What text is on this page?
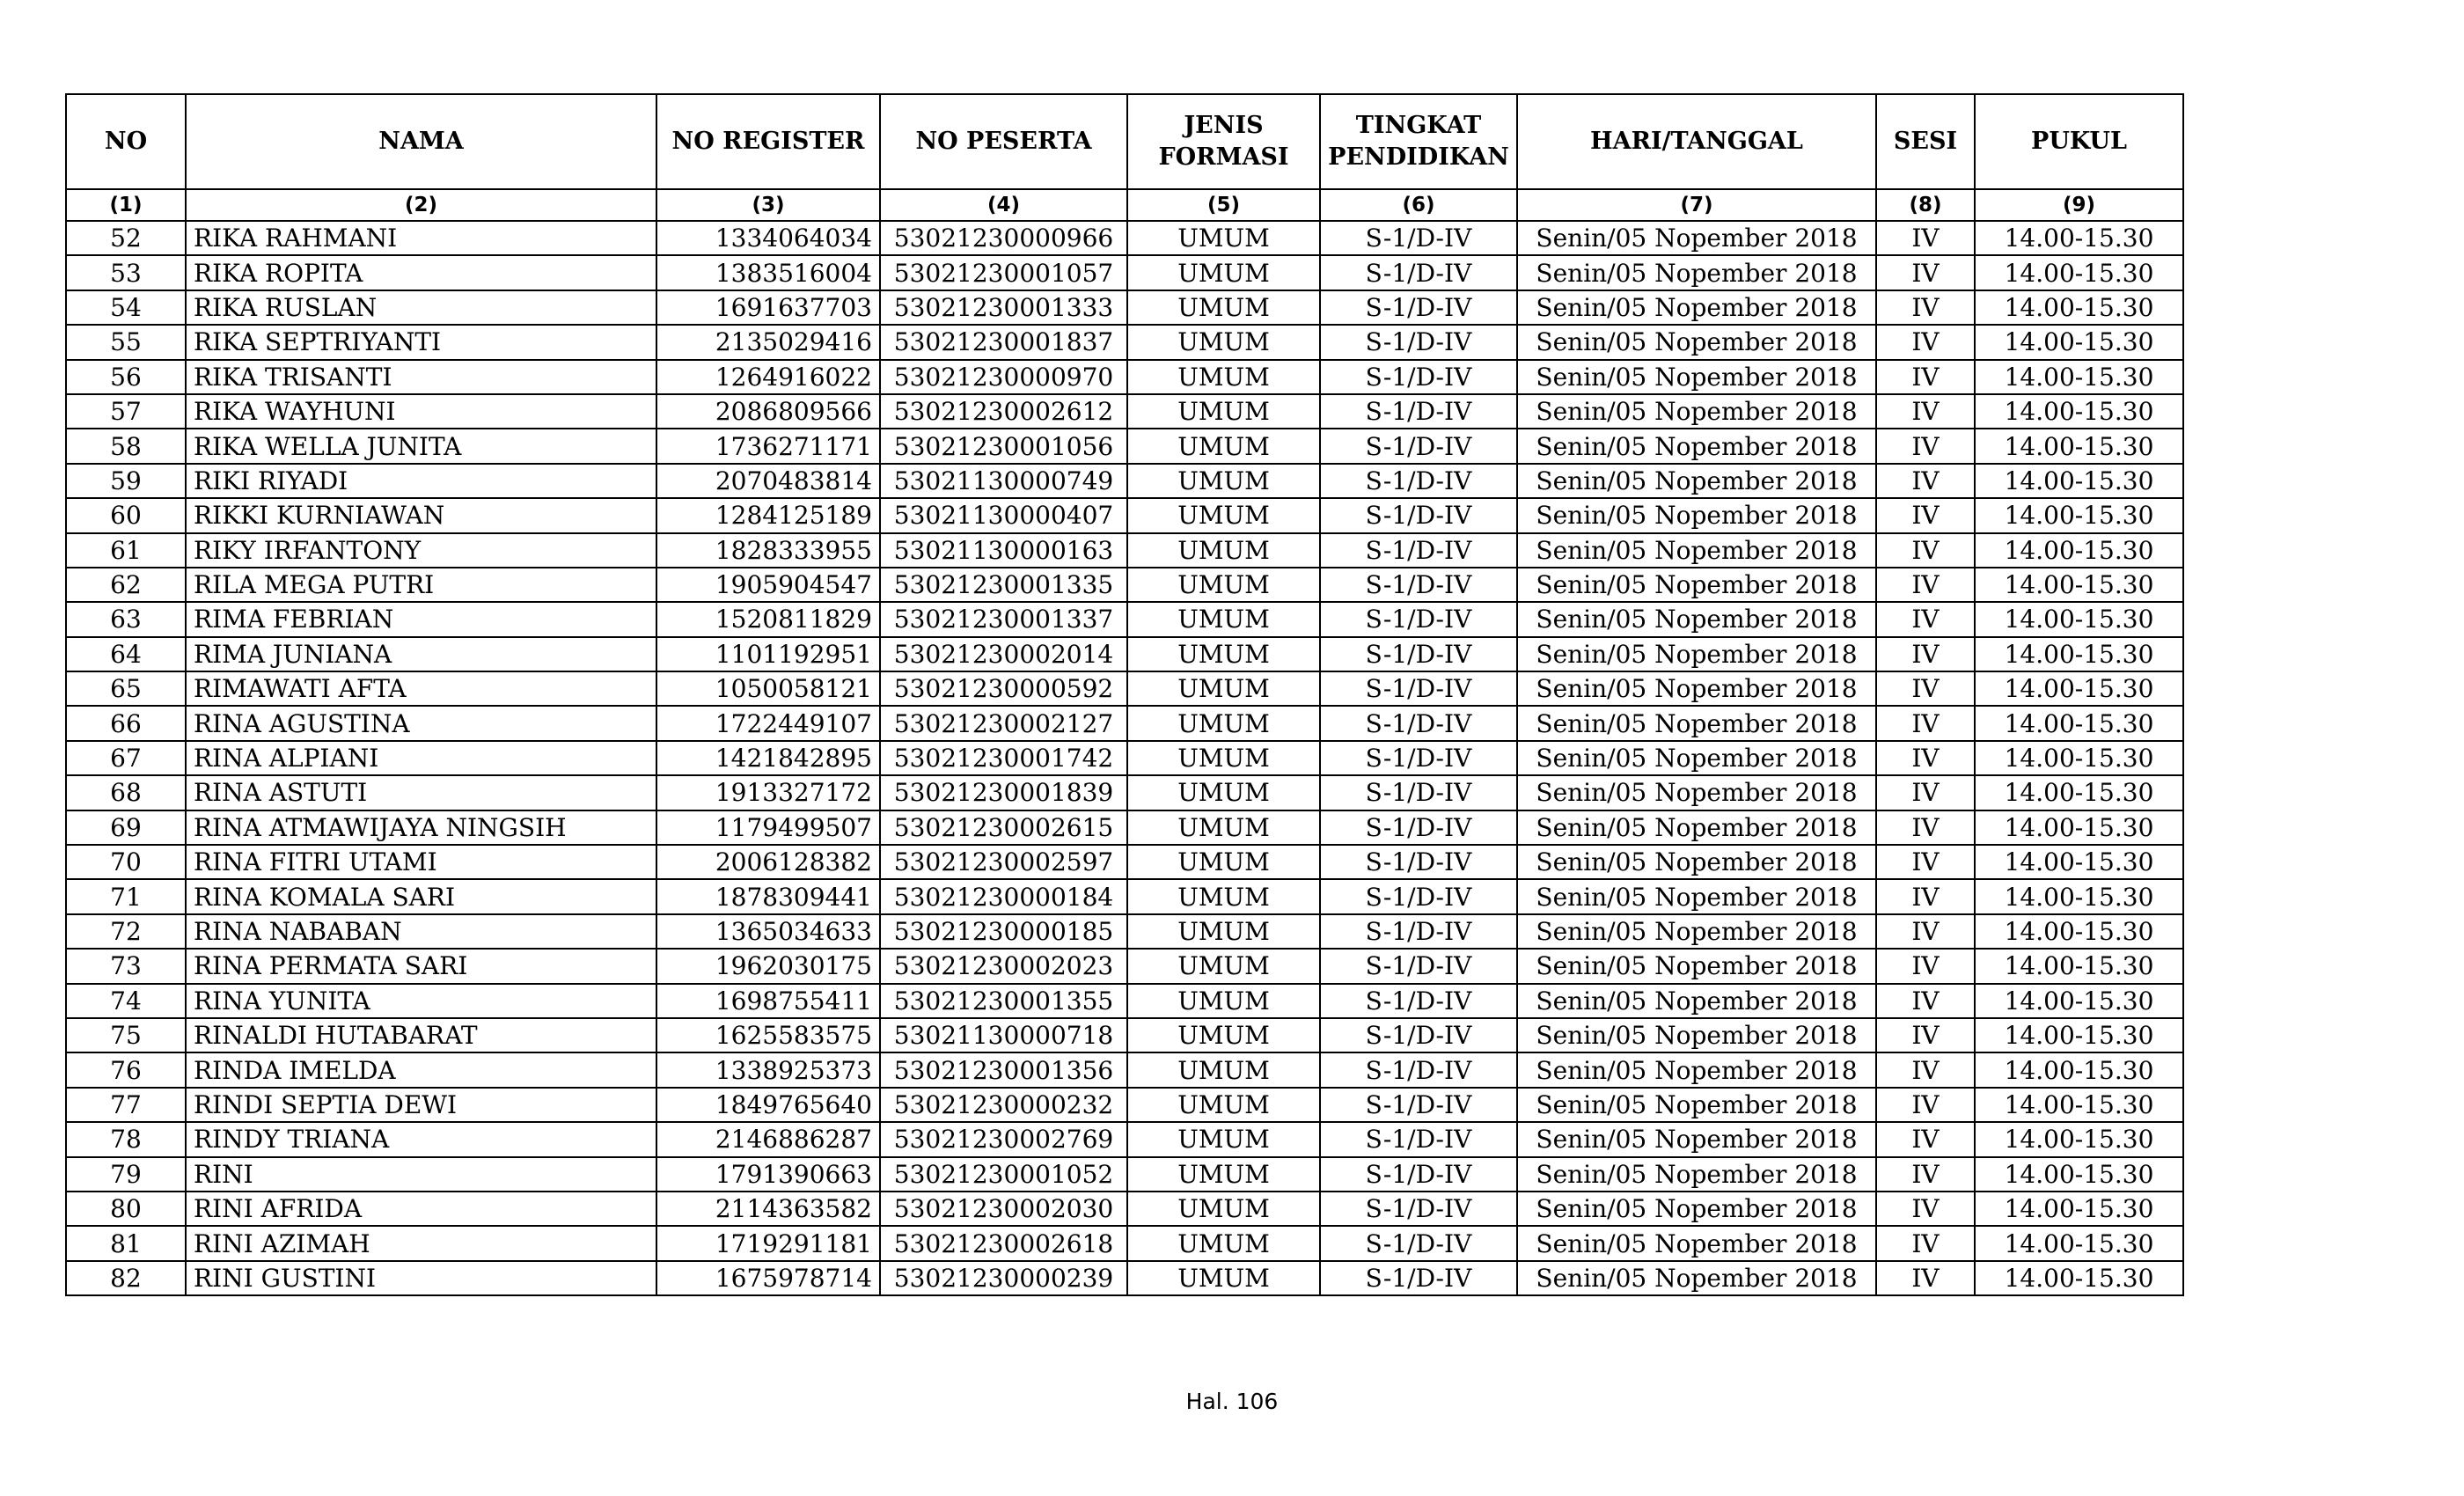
NO	NAMA	NO REGISTER	NO PESERTA	JENIS FORMASI	TINGKAT PENDIDIKAN	HARI/TANGGAL	SESI	PUKUL
(1)	(2)	(3)	(4)	(5)	(6)	(7)	(8)	(9)
52	RIKA RAHMANI	1334064034	53021230000966	UMUM	S-1/D-IV	Senin/05 Nopember 2018	IV	14.00-15.30
53	RIKA ROPITA	1383516004	53021230001057	UMUM	S-1/D-IV	Senin/05 Nopember 2018	IV	14.00-15.30
54	RIKA RUSLAN	1691637703	53021230001333	UMUM	S-1/D-IV	Senin/05 Nopember 2018	IV	14.00-15.30
55	RIKA SEPTRIYANTI	2135029416	53021230001837	UMUM	S-1/D-IV	Senin/05 Nopember 2018	IV	14.00-15.30
56	RIKA TRISANTI	1264916022	53021230000970	UMUM	S-1/D-IV	Senin/05 Nopember 2018	IV	14.00-15.30
57	RIKA WAYHUNI	2086809566	53021230002612	UMUM	S-1/D-IV	Senin/05 Nopember 2018	IV	14.00-15.30
58	RIKA WELLA JUNITA	1736271171	53021230001056	UMUM	S-1/D-IV	Senin/05 Nopember 2018	IV	14.00-15.30
59	RIKI RIYADI	2070483814	53021130000749	UMUM	S-1/D-IV	Senin/05 Nopember 2018	IV	14.00-15.30
60	RIKKI KURNIAWAN	1284125189	53021130000407	UMUM	S-1/D-IV	Senin/05 Nopember 2018	IV	14.00-15.30
61	RIKY IRFANTONY	1828333955	53021130000163	UMUM	S-1/D-IV	Senin/05 Nopember 2018	IV	14.00-15.30
62	RILA MEGA PUTRI	1905904547	53021230001335	UMUM	S-1/D-IV	Senin/05 Nopember 2018	IV	14.00-15.30
63	RIMA FEBRIAN	1520811829	53021230001337	UMUM	S-1/D-IV	Senin/05 Nopember 2018	IV	14.00-15.30
64	RIMA JUNIANA	1101192951	53021230002014	UMUM	S-1/D-IV	Senin/05 Nopember 2018	IV	14.00-15.30
65	RIMAWATI AFTA	1050058121	53021230000592	UMUM	S-1/D-IV	Senin/05 Nopember 2018	IV	14.00-15.30
66	RINA AGUSTINA	1722449107	53021230002127	UMUM	S-1/D-IV	Senin/05 Nopember 2018	IV	14.00-15.30
67	RINA ALPIANI	1421842895	53021230001742	UMUM	S-1/D-IV	Senin/05 Nopember 2018	IV	14.00-15.30
68	RINA ASTUTI	1913327172	53021230001839	UMUM	S-1/D-IV	Senin/05 Nopember 2018	IV	14.00-15.30
69	RINA ATMAWIJAYA NINGSIH	1179499507	53021230002615	UMUM	S-1/D-IV	Senin/05 Nopember 2018	IV	14.00-15.30
70	RINA FITRI UTAMI	2006128382	53021230002597	UMUM	S-1/D-IV	Senin/05 Nopember 2018	IV	14.00-15.30
71	RINA KOMALA SARI	1878309441	53021230000184	UMUM	S-1/D-IV	Senin/05 Nopember 2018	IV	14.00-15.30
72	RINA NABABAN	1365034633	53021230000185	UMUM	S-1/D-IV	Senin/05 Nopember 2018	IV	14.00-15.30
73	RINA PERMATA SARI	1962030175	53021230002023	UMUM	S-1/D-IV	Senin/05 Nopember 2018	IV	14.00-15.30
74	RINA YUNITA	1698755411	53021230001355	UMUM	S-1/D-IV	Senin/05 Nopember 2018	IV	14.00-15.30
75	RINALDI HUTABARAT	1625583575	53021130000718	UMUM	S-1/D-IV	Senin/05 Nopember 2018	IV	14.00-15.30
76	RINDA IMELDA	1338925373	53021230001356	UMUM	S-1/D-IV	Senin/05 Nopember 2018	IV	14.00-15.30
77	RINDI SEPTIA DEWI	1849765640	53021230000232	UMUM	S-1/D-IV	Senin/05 Nopember 2018	IV	14.00-15.30
78	RINDY TRIANA	2146886287	53021230002769	UMUM	S-1/D-IV	Senin/05 Nopember 2018	IV	14.00-15.30
79	RINI	1791390663	53021230001052	UMUM	S-1/D-IV	Senin/05 Nopember 2018	IV	14.00-15.30
80	RINI AFRIDA	2114363582	53021230002030	UMUM	S-1/D-IV	Senin/05 Nopember 2018	IV	14.00-15.30
81	RINI AZIMAH	1719291181	53021230002618	UMUM	S-1/D-IV	Senin/05 Nopember 2018	IV	14.00-15.30
82	RINI GUSTINI	1675978714	53021230000239	UMUM	S-1/D-IV	Senin/05 Nopember 2018	IV	14.00-15.30
Hal. 106
